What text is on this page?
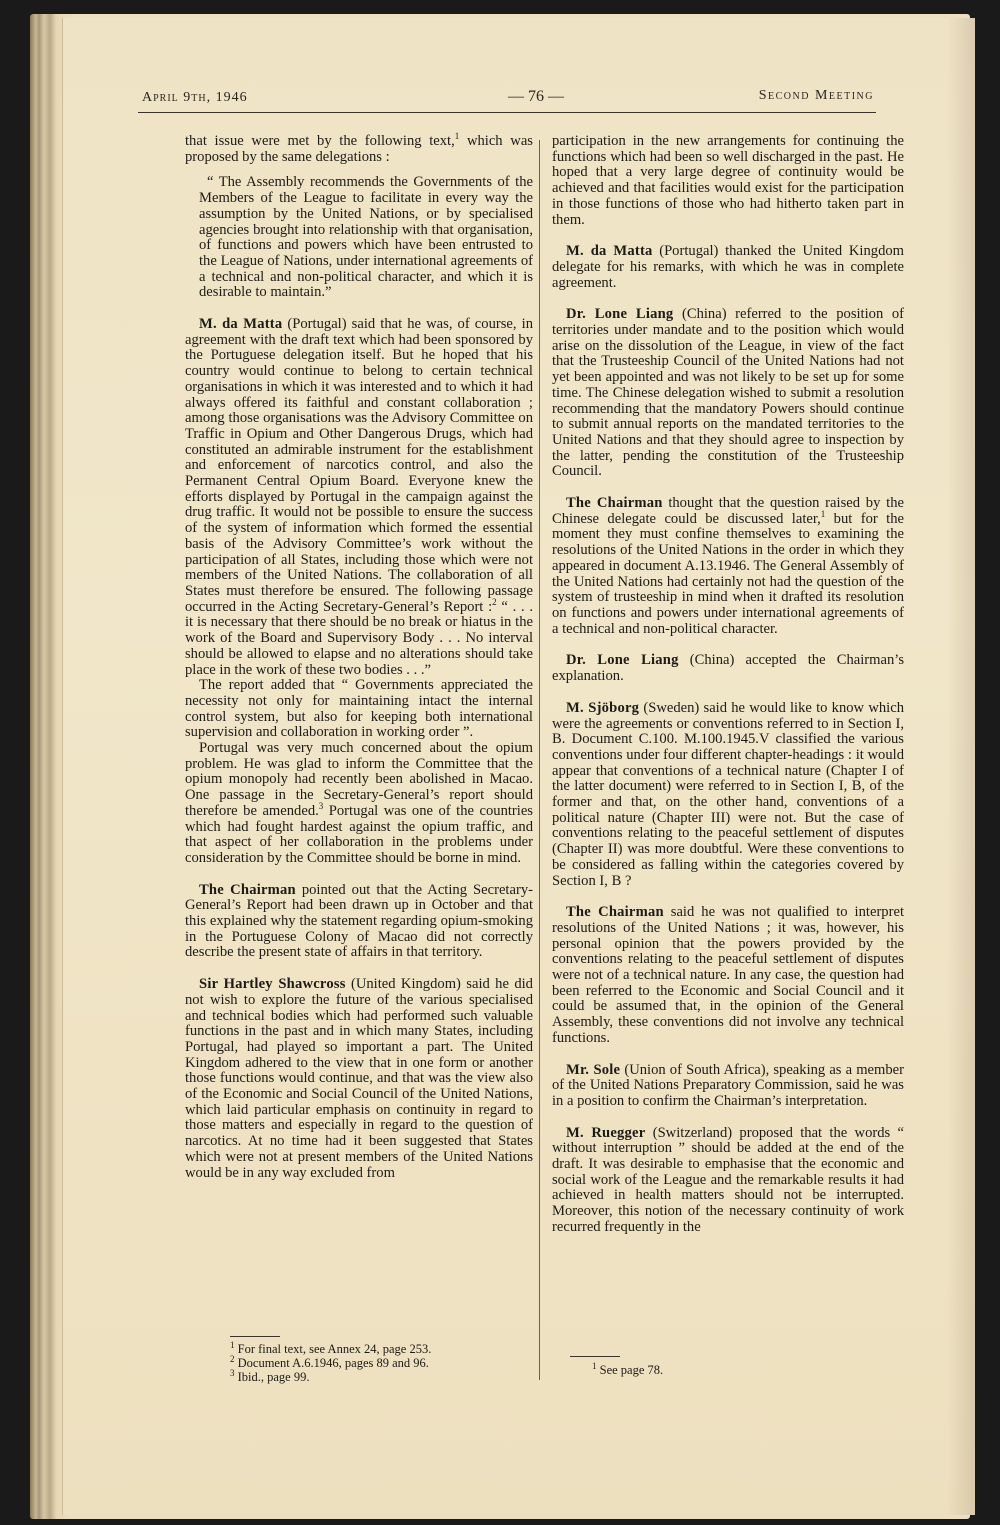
April 9th, 1946	— 76 —	Second Meeting

that issue were met by the following text,$^1$ which was proposed by the same delegations :

“ The Assembly recommends the Governments of the Members of the League to facilitate in every way the assumption by the United Nations, or by specialised agencies brought into relationship with that organisation, of functions and powers which have been entrusted to the League of Nations, under international agreements of a technical and non-political character, and which it is desirable to maintain.”

M. da Matta (Portugal) said that he was, of course, in agreement with the draft text which had been sponsored by the Portuguese delegation itself. But he hoped that his country would continue to belong to certain technical organisations in which it was interested and to which it had always offered its faithful and constant collaboration ; among those organisations was the Advisory Committee on Traffic in Opium and Other Dangerous Drugs, which had constituted an admirable instrument for the establishment and enforcement of narcotics control, and also the Permanent Central Opium Board. Everyone knew the efforts displayed by Portugal in the campaign against the drug traffic. It would not be possible to ensure the success of the system of information which formed the essential basis of the Advisory Committee’s work without the participation of all States, including those which were not members of the United Nations. The collaboration of all States must therefore be ensured. The following passage occurred in the Acting Secretary-General’s Report :$^2$ “ . . . it is necessary that there should be no break or hiatus in the work of the Board and Supervisory Body . . . No interval should be allowed to elapse and no alterations should take place in the work of these two bodies . . .”

The report added that “ Governments appreciated the necessity not only for maintaining intact the internal control system, but also for keeping both international supervision and collaboration in working order ”.

Portugal was very much concerned about the opium problem. He was glad to inform the Committee that the opium monopoly had recently been abolished in Macao. One passage in the Secretary-General’s report should therefore be amended.$^3$ Portugal was one of the countries which had fought hardest against the opium traffic, and that aspect of her collaboration in the problems under consideration by the Committee should be borne in mind.

The Chairman pointed out that the Acting Secretary-General’s Report had been drawn up in October and that this explained why the statement regarding opium-smoking in the Portuguese Colony of Macao did not correctly describe the present state of affairs in that territory.

Sir Hartley Shawcross (United Kingdom) said he did not wish to explore the future of the various specialised and technical bodies which had performed such valuable functions in the past and in which many States, including Portugal, had played so important a part. The United Kingdom adhered to the view that in one form or another those functions would continue, and that was the view also of the Economic and Social Council of the United Nations, which laid particular emphasis on continuity in regard to those matters and especially in regard to the question of narcotics. At no time had it been suggested that States which were not at present members of the United Nations would be in any way excluded from

$^1$ For final text, see Annex 24, page 253.
$^2$ Document A.6.1946, pages 89 and 96.
$^3$ Ibid., page 99.

participation in the new arrangements for continuing the functions which had been so well discharged in the past. He hoped that a very large degree of continuity would be achieved and that facilities would exist for the participation in those functions of those who had hitherto taken part in them.

M. da Matta (Portugal) thanked the United Kingdom delegate for his remarks, with which he was in complete agreement.

Dr. Lone Liang (China) referred to the position of territories under mandate and to the position which would arise on the dissolution of the League, in view of the fact that the Trusteeship Council of the United Nations had not yet been appointed and was not likely to be set up for some time. The Chinese delegation wished to submit a resolution recommending that the mandatory Powers should continue to submit annual reports on the mandated territories to the United Nations and that they should agree to inspection by the latter, pending the constitution of the Trusteeship Council.

The Chairman thought that the question raised by the Chinese delegate could be discussed later,$^1$ but for the moment they must confine themselves to examining the resolutions of the United Nations in the order in which they appeared in document A.13.1946. The General Assembly of the United Nations had certainly not had the question of the system of trusteeship in mind when it drafted its resolution on functions and powers under international agreements of a technical and non-political character.

Dr. Lone Liang (China) accepted the Chairman’s explanation.

M. Sjöborg (Sweden) said he would like to know which were the agreements or conventions referred to in Section I, B. Document C.100. M.100.1945.V classified the various conventions under four different chapter-headings : it would appear that conventions of a technical nature (Chapter I of the latter document) were referred to in Section I, B, of the former and that, on the other hand, conventions of a political nature (Chapter III) were not. But the case of conventions relating to the peaceful settlement of disputes (Chapter II) was more doubtful. Were these conventions to be considered as falling within the categories covered by Section I, B ?

The Chairman said he was not qualified to interpret resolutions of the United Nations ; it was, however, his personal opinion that the powers provided by the conventions relating to the peaceful settlement of disputes were not of a technical nature. In any case, the question had been referred to the Economic and Social Council and it could be assumed that, in the opinion of the General Assembly, these conventions did not involve any technical functions.

Mr. Sole (Union of South Africa), speaking as a member of the United Nations Preparatory Commission, said he was in a position to confirm the Chairman’s interpretation.

M. Ruegger (Switzerland) proposed that the words “ without interruption ” should be added at the end of the draft. It was desirable to emphasise that the economic and social work of the League and the remarkable results it had achieved in health matters should not be interrupted. Moreover, this notion of the necessary continuity of work recurred frequently in the

$^1$ See page 78.
